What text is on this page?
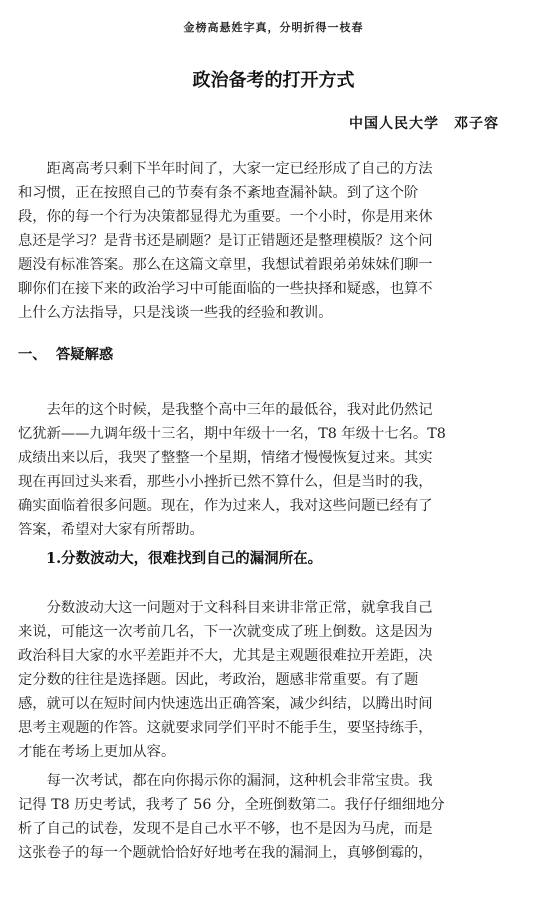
金榜高悬姓字真，分明折得一枝春
政治备考的打开方式
中国人民大学　邓子容

　　距离高考只剩下半年时间了，大家一定已经形成了自己的方法
和习惯，正在按照自己的节奏有条不紊地查漏补缺。到了这个阶
段，你的每一个行为决策都显得尤为重要。一个小时，你是用来休
息还是学习？是背书还是刷题？是订正错题还是整理模版？这个问
题没有标准答案。那么在这篇文章里，我想试着跟弟弟妹妹们聊一
聊你们在接下来的政治学习中可能面临的一些抉择和疑惑，也算不
上什么方法指导，只是浅谈一些我的经验和教训。

一、 答疑解惑

　　去年的这个时候，是我整个高中三年的最低谷，我对此仍然记
忆犹新——九调年级十三名，期中年级十一名，T8 年级十七名。T8
成绩出来以后，我哭了整整一个星期，情绪才慢慢恢复过来。其实
现在再回过头来看，那些小小挫折已然不算什么，但是当时的我，
确实面临着很多问题。现在，作为过来人，我对这些问题已经有了
答案，希望对大家有所帮助。

1.分数波动大，很难找到自己的漏洞所在。

　　分数波动大这一问题对于文科科目来讲非常正常，就拿我自己
来说，可能这一次考前几名，下一次就变成了班上倒数。这是因为
政治科目大家的水平差距并不大，尤其是主观题很难拉开差距，决
定分数的往往是选择题。因此，考政治，题感非常重要。有了题
感，就可以在短时间内快速选出正确答案，减少纠结，以腾出时间
思考主观题的作答。这就要求同学们平时不能手生，要坚持练手，
才能在考场上更加从容。

　　每一次考试，都在向你揭示你的漏洞，这种机会非常宝贵。我
记得 T8 历史考试，我考了 56 分，全班倒数第二。我仔仔细细地分
析了自己的试卷，发现不是自己水平不够，也不是因为马虎，而是
这张卷子的每一个题就恰恰好好地考在我的漏洞上，真够倒霉的，
